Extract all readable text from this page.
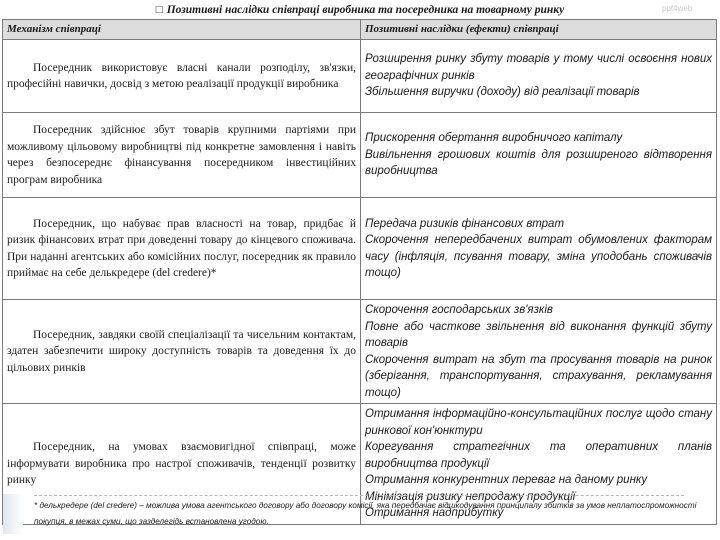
□ Позитивні наслідки співпраці виробника та посередника на товарному ринку	ppt4web
Механізм співпраці	Позитивні наслідки (ефекти) співпраці

Посередник використовує власні канали розподілу, зв'язки, професійні навички, досвід з метою реалізації продукції виробника	Розширення ринку збуту товарів у тому числі освоєння нових географічних ринків

Збільшення виручки (доходу) від реалізації товарів

Посередник здійснює збут товарів крупними партіями при можливому цільовому виробництві під конкретне замовлення і навіть через безпосереднє фінансування посередником інвестиційних програм виробника	Прискорення обертання виробничого капіталу

Вивільнення грошових коштів для розширеного відтворення виробництва

Посередник, що набуває прав власності на товар, придбає й ризик фінансових втрат при доведенні товару до кінцевого споживача. При наданні агентських або комісійних послуг, посередник як правило приймає на себе делькредере (del credere)*	Передача ризиків фінансових втрат

Скорочення непередбачених витрат обумовлених факторам часу (інфляція, псування товару, зміна уподобань споживачів тощо)

Посередник, завдяки своїй спеціалізації та чисельним контактам, здатен забезпечити широку доступність товарів та доведення їх до цільових ринків	Скорочення господарських зв'язків

Повне або часткове звільнення від виконання функцій збуту товарів

Скорочення витрат на збут та просування товарів на ринок (зберігання, транспортування, страхування, рекламування тощо)

Посередник, на умовах взаємовигідної співпраці, може інформувати виробника про настрої споживачів, тенденції розвитку ринку	Отримання інформаційно-консультаційних послуг щодо стану ринкової кон'юнктури

Корегування стратегічних та оперативних планів виробництва продукції

Отримання конкурентних переваг на даному ринку

Мінімізація ризику непродажу продукції

Отримання надприбутку

* делькредере (del credere) – можлива умова агентського договору або договору комісії, яка передбачає відшкодування принципалу збитків за умов неплатоспроможності покупця, в межах суми, що зазделегідь встановлена угодою.
